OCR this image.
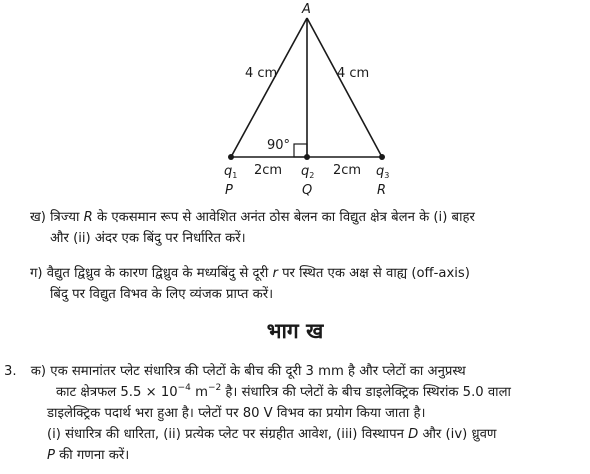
A
4 cm	4 cm
90°
2cm	2cm
q1	q2	q3
P	Q	R
ख) त्रिज्या R के एकसमान रूप से आवेशित अनंत ठोस बेलन का विद्युत क्षेत्र बेलन के (i) बाहर
और (ii) अंदर एक बिंदु पर निर्धारित करें।
ग) वैद्युत द्विध्रुव के कारण द्विध्रुव के मध्यबिंदु से दूरी r पर स्थित एक अक्ष से वाह्य (off-axis)
बिंदु पर विद्युत विभव के लिए व्यंजक प्राप्त करें।
भाग ख
3. क) एक समानांतर प्लेट संधारित्र की प्लेटों के बीच की दूरी 3 mm है और प्लेटों का अनुप्रस्थ
काट क्षेत्रफल $5.5 \times 10^{-4}$ $m^{-2}$ है। संधारित्र की प्लेटों के बीच डाइलेक्ट्रिक स्थिरांक 5.0 वाला
डाइलेक्ट्रिक पदार्थ भरा हुआ है। प्लेटों पर 80 V विभव का प्रयोग किया जाता है।
(i) संधारित्र की धारिता, (ii) प्रत्येक प्लेट पर संग्रहीत आवेश, (iii) विस्थापन D और (iv) ध्रुवण
P की गणना करें।
